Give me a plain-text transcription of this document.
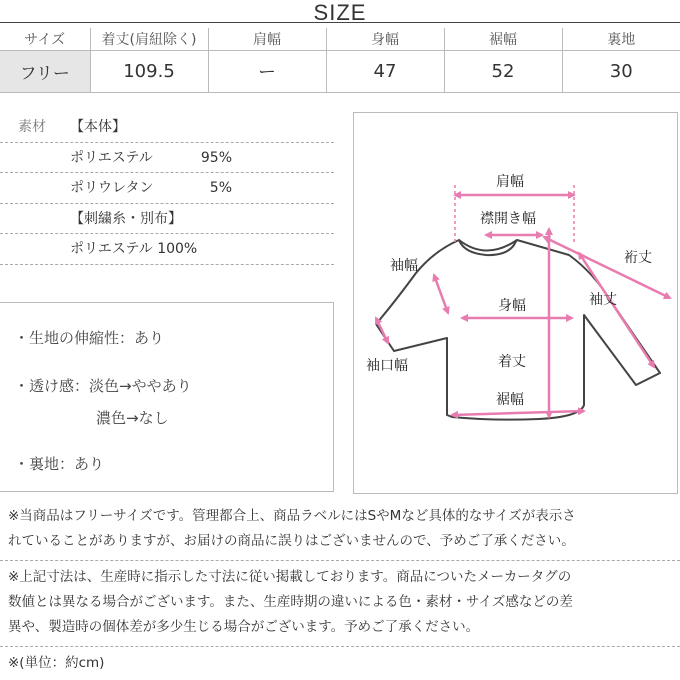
SIZE
サイズ	着丈(肩紐除く)	肩幅	身幅	裾幅	裏地
フリー	109.5	ー	47	52	30
素材 【本体】
ポリエステル	95%
ポリウレタン	5%
【刺繍糸・別布】
ポリエステル 100%
・生地の伸縮性：あり
・透け感：淡色→ややあり
濃色→なし
・裏地：あり
肩幅
襟開き幅
袖幅	裄丈
身幅	袖丈
袖口幅	着丈
裾幅
※当商品はフリーサイズです。管理都合上、商品ラベルにはSやMなど具体的なサイズが表示さ
れていることがありますが、お届けの商品に誤りはございませんので、予めご了承ください。
※上記寸法は、生産時に指示した寸法に従い掲載しております。商品についたメーカータグの
数値とは異なる場合がございます。また、生産時期の違いによる色・素材・サイズ感などの差
異や、製造時の個体差が多少生じる場合がございます。予めご了承ください。
※(単位：約cm)
